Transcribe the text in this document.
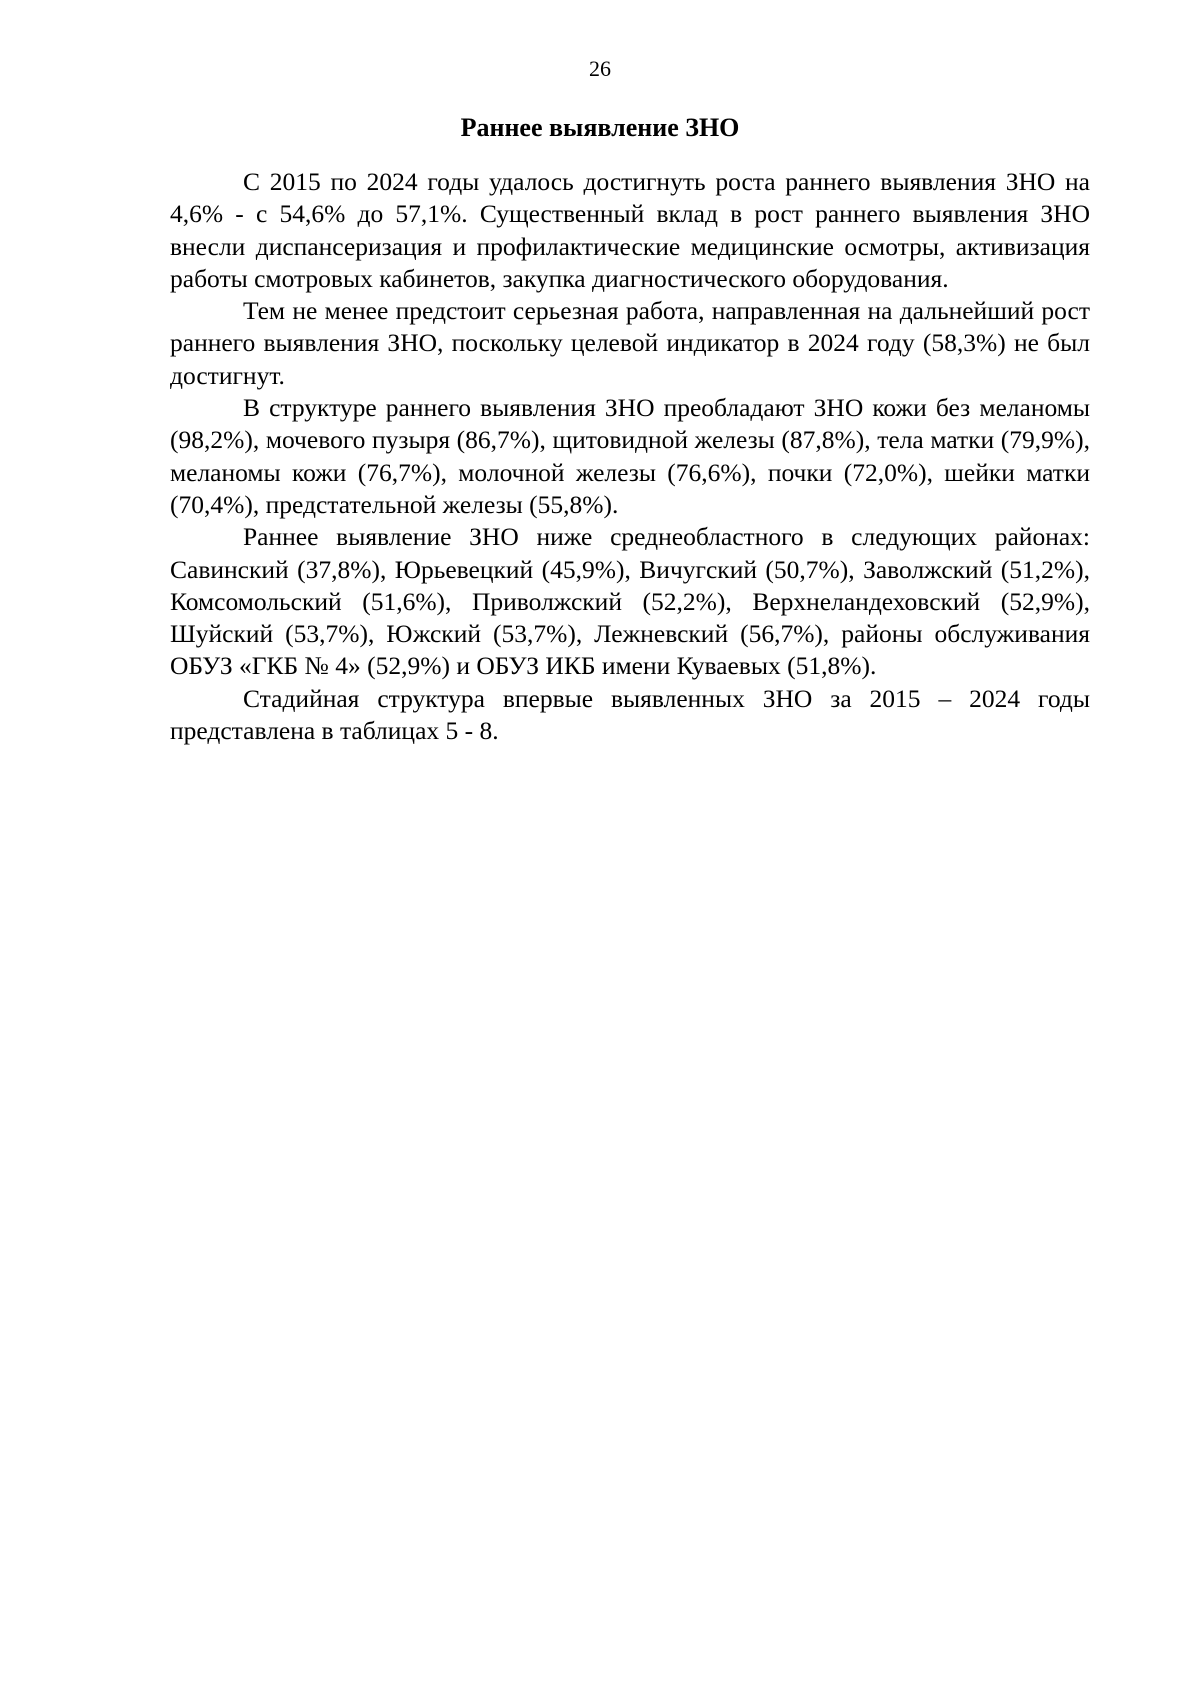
26
Раннее выявление ЗНО

С 2015 по 2024 годы удалось достигнуть роста раннего выявления ЗНО на 4,6% - с 54,6% до 57,1%. Существенный вклад в рост раннего выявления ЗНО внесли диспансеризация и профилактические медицинские осмотры, активизация работы смотровых кабинетов, закупка диагностического оборудования.

Тем не менее предстоит серьезная работа, направленная на дальнейший рост раннего выявления ЗНО, поскольку целевой индикатор в 2024 году (58,3%) не был достигнут.

В структуре раннего выявления ЗНО преобладают ЗНО кожи без меланомы (98,2%), мочевого пузыря (86,7%), щитовидной железы (87,8%), тела матки (79,9%), меланомы кожи (76,7%), молочной железы (76,6%), почки (72,0%), шейки матки (70,4%), предстательной железы (55,8%).

Раннее выявление ЗНО ниже среднеобластного в следующих районах: Савинский (37,8%), Юрьевецкий (45,9%), Вичугский (50,7%), Заволжский (51,2%), Комсомольский (51,6%), Приволжский (52,2%), Верхнеландеховский (52,9%), Шуйский (53,7%), Южский (53,7%), Лежневский (56,7%), районы обслуживания ОБУЗ «ГКБ № 4» (52,9%) и ОБУЗ ИКБ имени Куваевых (51,8%).

Стадийная структура впервые выявленных ЗНО за 2015 – 2024 годы представлена в таблицах 5 - 8.
